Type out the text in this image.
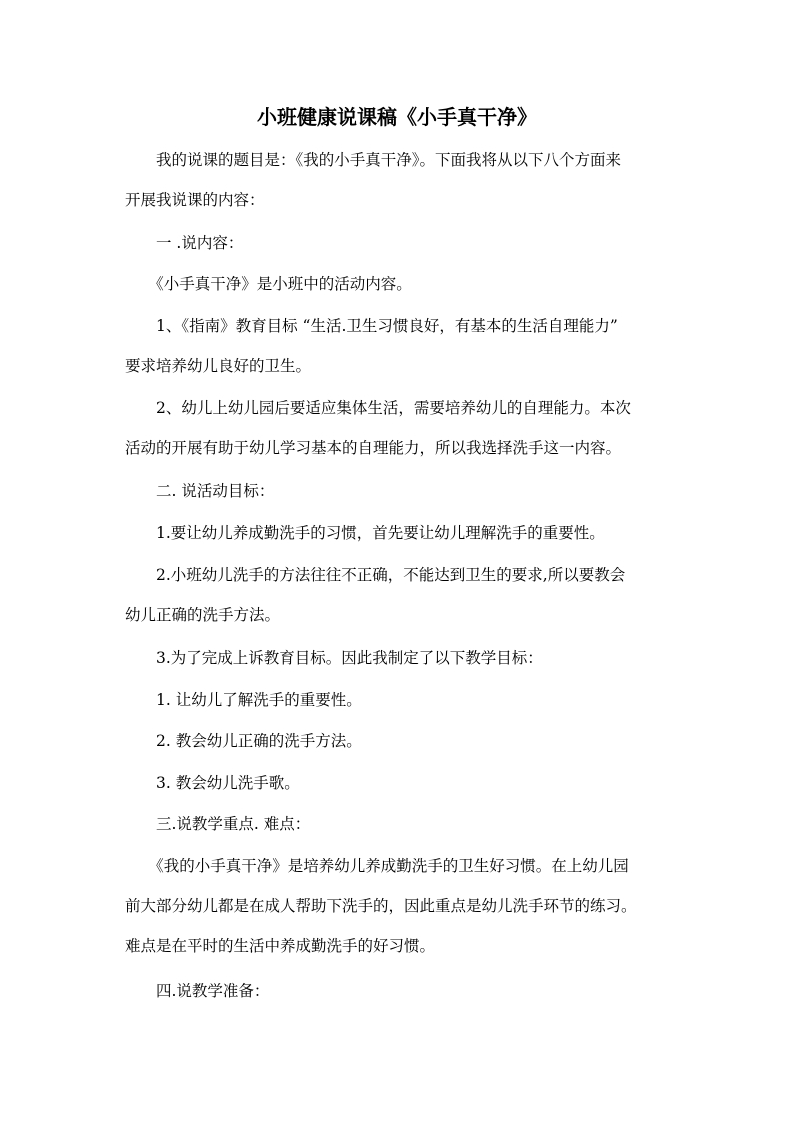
小班健康说课稿《小手真干净》
　　我的说课的题目是：《我的小手真干净》。下面我将从以下八个方面来
开展我说课的内容：
　　一 .说内容：
　　《小手真干净》是小班中的活动内容。
　　1、《指南》教育目标 “生活.卫生习惯良好，有基本的生活自理能力”
要求培养幼儿良好的卫生。
　　2、幼儿上幼儿园后要适应集体生活，需要培养幼儿的自理能力。本次
活动的开展有助于幼儿学习基本的自理能力，所以我选择洗手这一内容。
　　二. 说活动目标：
　　1.要让幼儿养成勤洗手的习惯，首先要让幼儿理解洗手的重要性。
　　2.小班幼儿洗手的方法往往不正确，不能达到卫生的要求,所以要教会
幼儿正确的洗手方法。
　　3.为了完成上诉教育目标。因此我制定了以下教学目标：
　　1. 让幼儿了解洗手的重要性。
　　2. 教会幼儿正确的洗手方法。
　　3. 教会幼儿洗手歌。
　　三.说教学重点. 难点：
　　《我的小手真干净》是培养幼儿养成勤洗手的卫生好习惯。在上幼儿园
前大部分幼儿都是在成人帮助下洗手的，因此重点是幼儿洗手环节的练习。
难点是在平时的生活中养成勤洗手的好习惯。
　　四.说教学准备：
